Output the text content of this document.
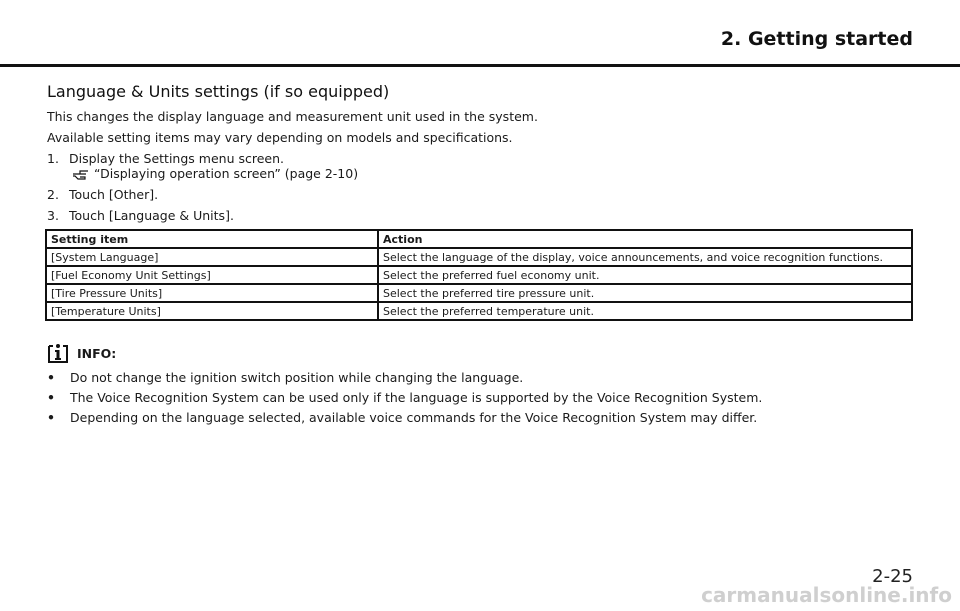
2. Getting started
Language & Units settings (if so equipped)
This changes the display language and measurement unit used in the system.
Available setting items may vary depending on models and specifications.
1. Display the Settings menu screen.
“Displaying operation screen” (page 2-10)
2. Touch [Other].
3. Touch [Language & Units].
Setting item	Action
[System Language]	Select the language of the display, voice announcements, and voice recognition functions.
[Fuel Economy Unit Settings]	Select the preferred fuel economy unit.
[Tire Pressure Units]	Select the preferred tire pressure unit.
[Temperature Units]	Select the preferred temperature unit.
INFO:
• Do not change the ignition switch position while changing the language.
• The Voice Recognition System can be used only if the language is supported by the Voice Recognition System.
• Depending on the language selected, available voice commands for the Voice Recognition System may differ.
2-25
carmanualsonline.info
